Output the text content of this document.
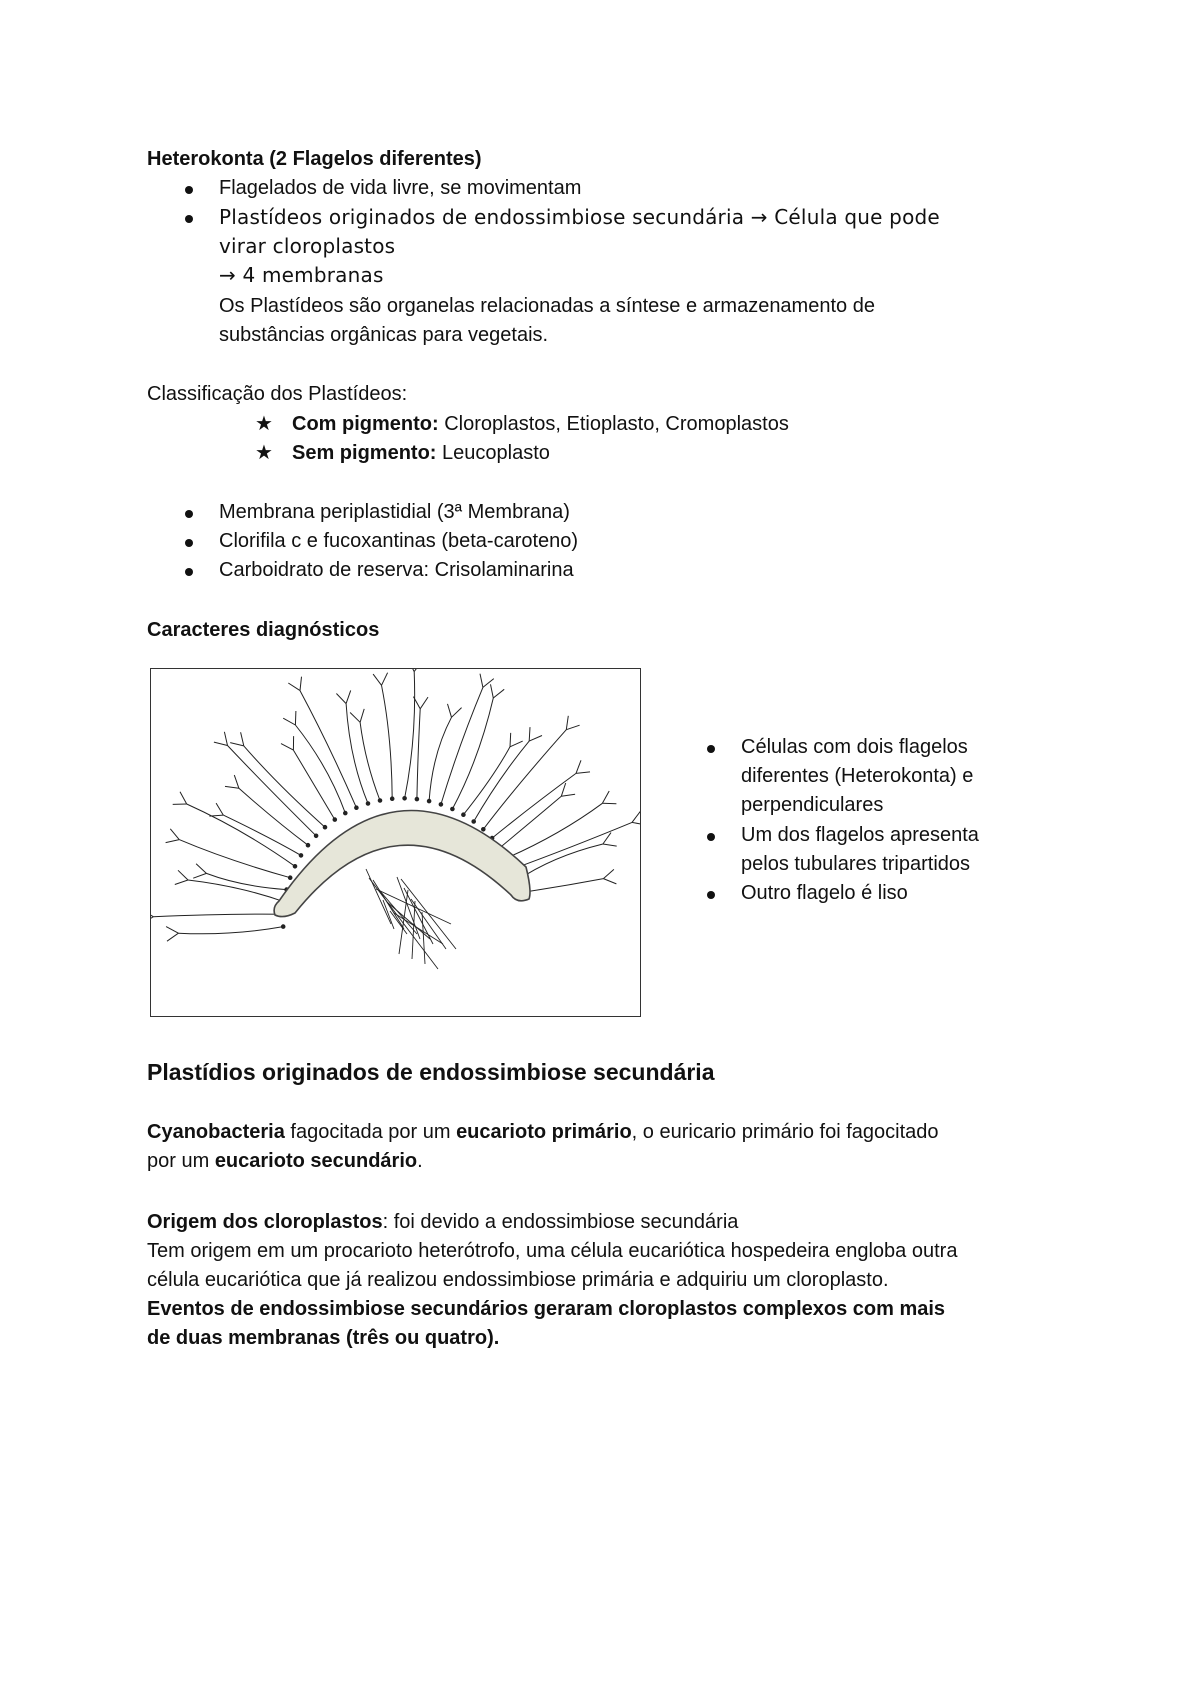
Heterokonta (2 Flagelos diferentes)
Flagelados de vida livre, se movimentam
Plastídeos originados de endossimbiose secundária → Célula que pode
virar cloroplastos
→ 4 membranas
Os Plastídeos são organelas relacionadas a síntese e armazenamento de
substâncias orgânicas para vegetais.
Classificação dos Plastídeos:
★ Com pigmento: Cloroplastos, Etioplasto, Cromoplastos
★ Sem pigmento: Leucoplasto
Membrana periplastidial (3ª Membrana)
Clorifila c e fucoxantinas (beta-caroteno)
Carboidrato de reserva: Crisolaminarina
Caracteres diagnósticos
Células com dois flagelos
diferentes (Heterokonta) e
perpendiculares
Um dos flagelos apresenta
pelos tubulares tripartidos
Outro flagelo é liso
Plastídios originados de endossimbiose secundária
Cyanobacteria fagocitada por um eucarioto primário, o euricario primário foi fagocitado
por um eucarioto secundário.
Origem dos cloroplastos: foi devido a endossimbiose secundária
Tem origem em um procarioto heterótrofo, uma célula eucariótica hospedeira engloba outra
célula eucariótica que já realizou endossimbiose primária e adquiriu um cloroplasto.
Eventos de endossimbiose secundários geraram cloroplastos complexos com mais
de duas membranas (três ou quatro).
